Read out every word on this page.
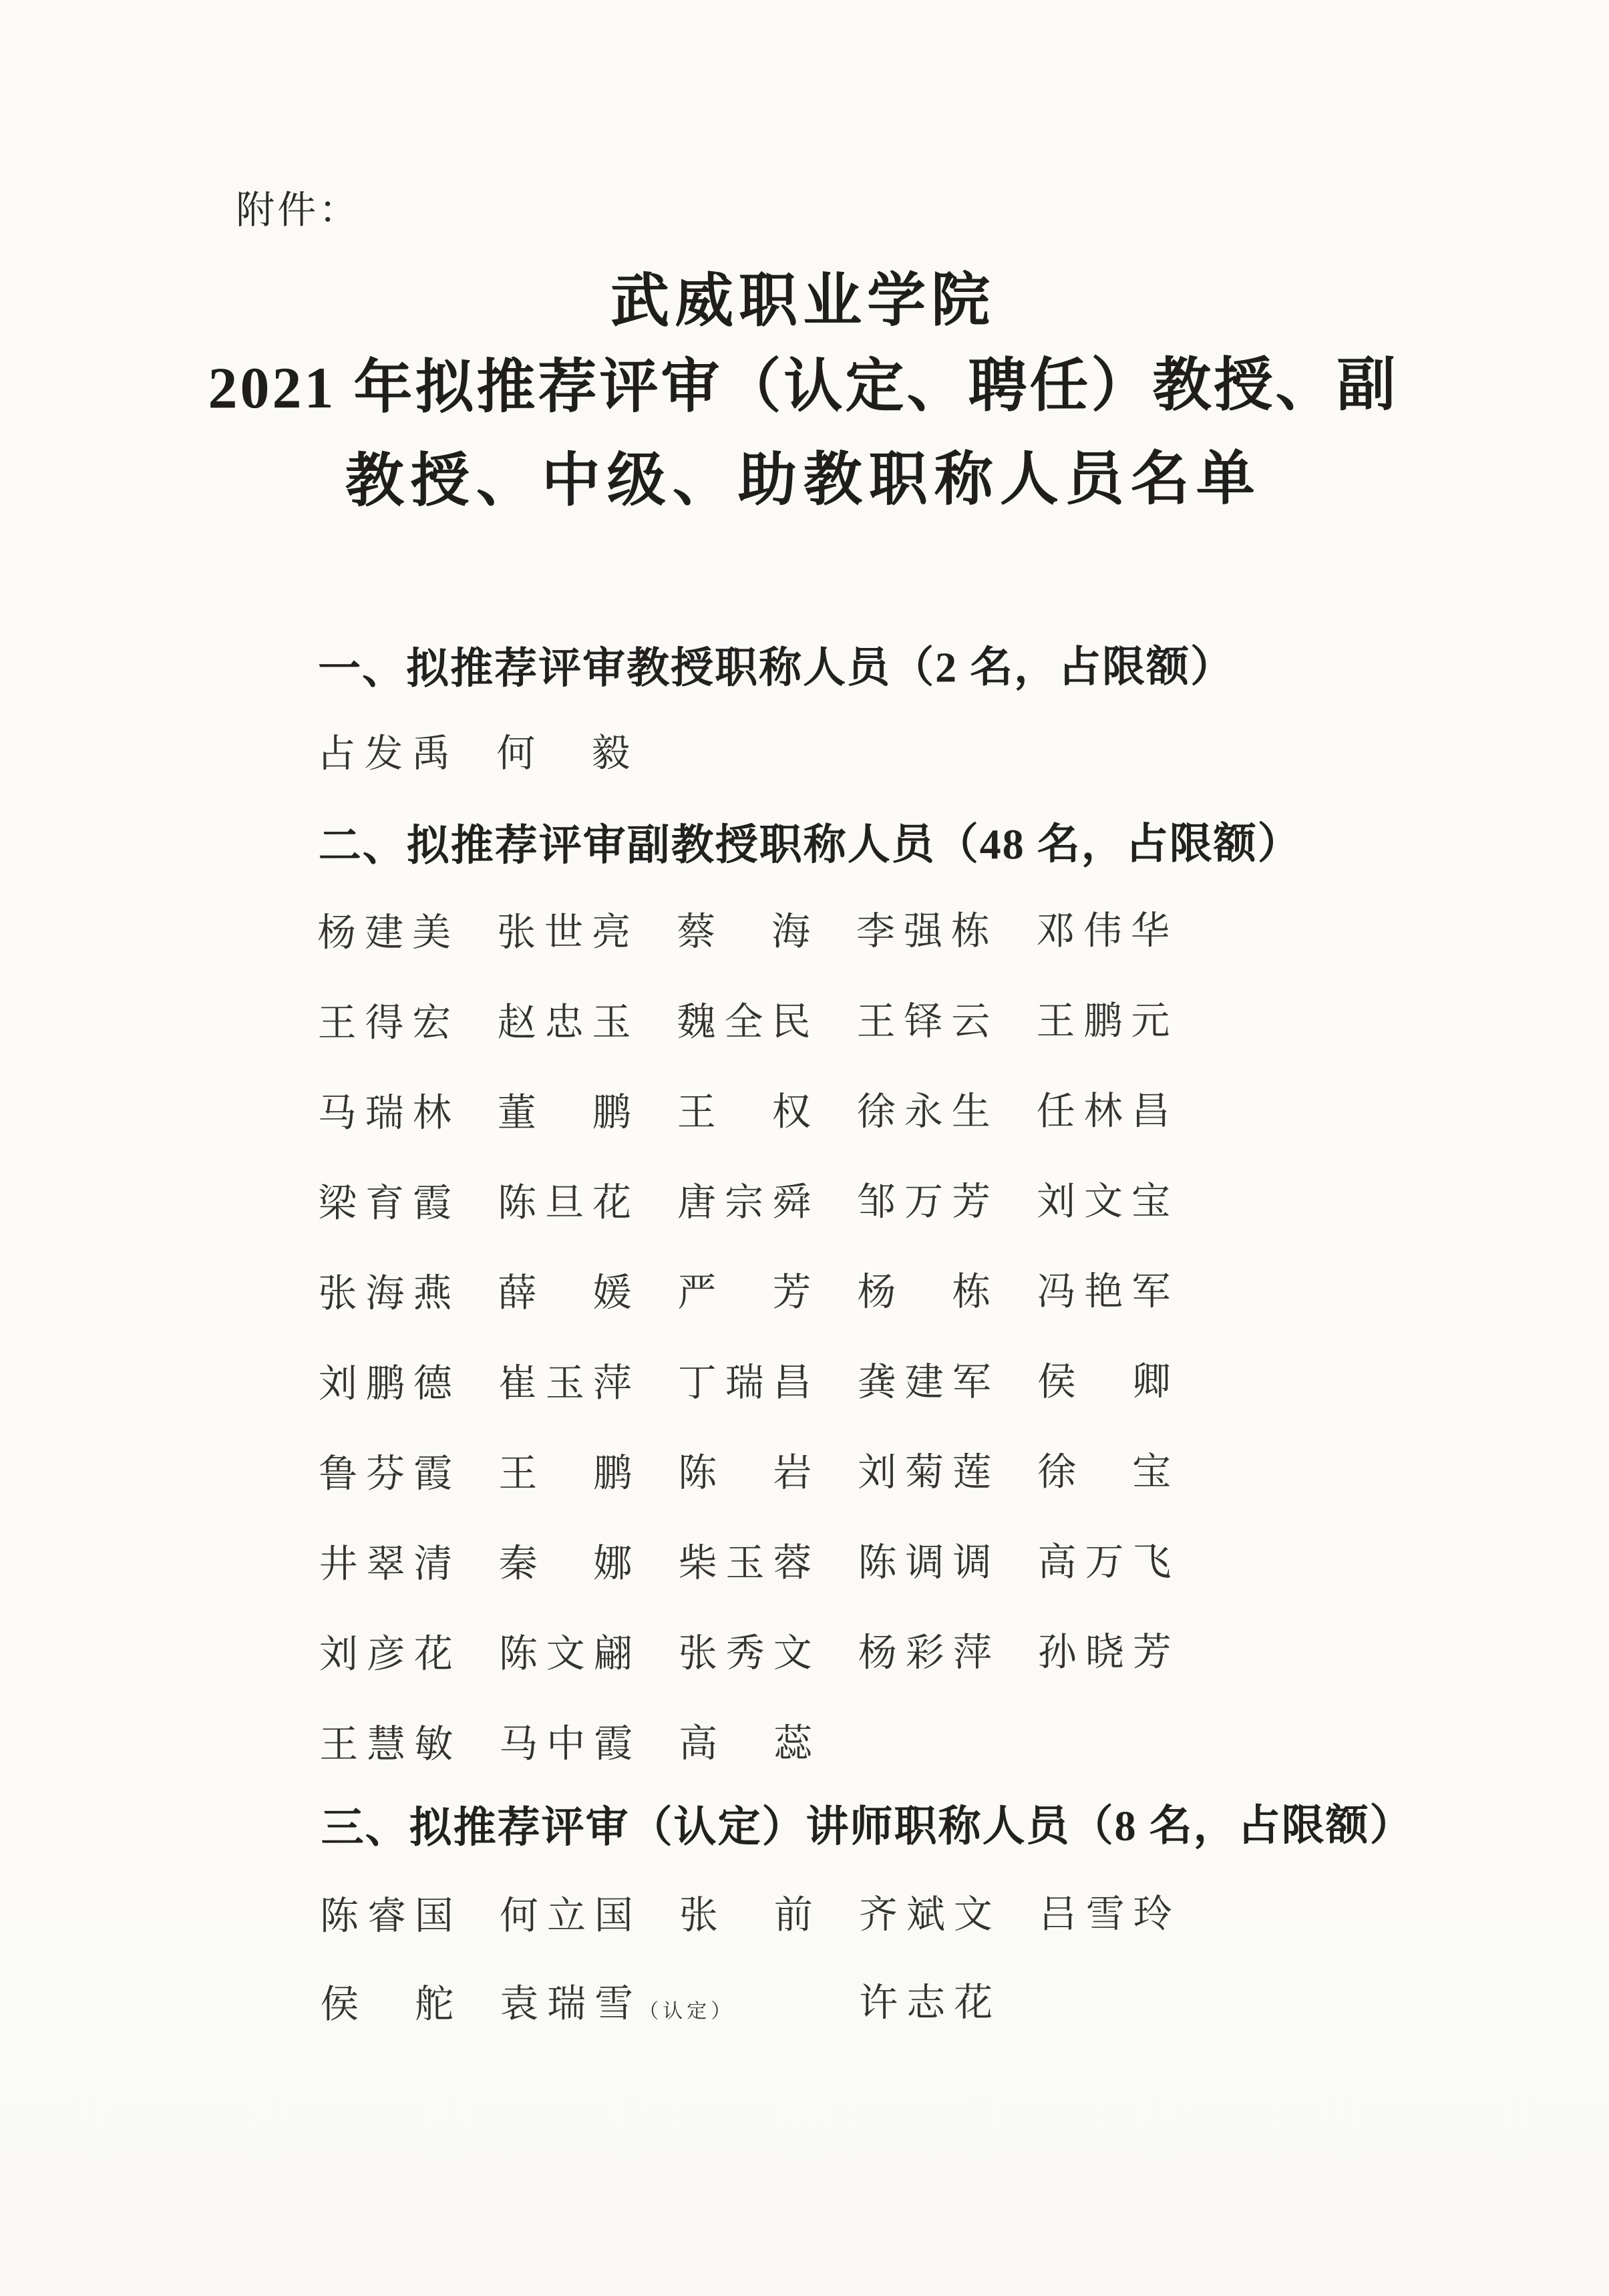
附件：
武威职业学院
2021 年拟推荐评审（认定、聘任）教授、副
教授、中级、助教职称人员名单
一、拟推荐评审教授职称人员（2 名，占限额）
占 发 禹 何
　 毅
二、拟推荐评审副教授职称人员（48 名，占限额）
杨 建 美 张 世 亮 蔡
　 海 李 强 栋 邓 伟 华
王 得 宏 赵 忠 玉 魏 全 民 王 铎 云 王 鹏 元
马 瑞 林 董
　 鹏 王
　 权 徐 永 生 任 林 昌
梁 育 霞 陈 旦 花 唐 宗 舜 邹 万 芳 刘 文 宝
张 海 燕 薛
　 媛 严
　 芳 杨
　 栋 冯 艳 军
刘 鹏 德 崔 玉 萍 丁 瑞 昌 龚 建 军 侯
　 卿
鲁 芬 霞 王
　 鹏 陈
　 岩 刘 菊 莲 徐
　 宝
井 翠 清 秦
　 娜 柴 玉 蓉 陈 调 调 高 万 飞
刘 彦 花 陈 文 翩 张 秀 文 杨 彩 萍 孙 晓 芳
王 慧 敏 马 中 霞 高
　 蕊
三、拟推荐评审（认定）讲师职称人员（8 名，占限额）
陈 睿 国 何 立 国 张
　 前 齐 斌 文 吕 雪 玲
侯
　 舵 袁 瑞 雪 （认定）	许 志 花
